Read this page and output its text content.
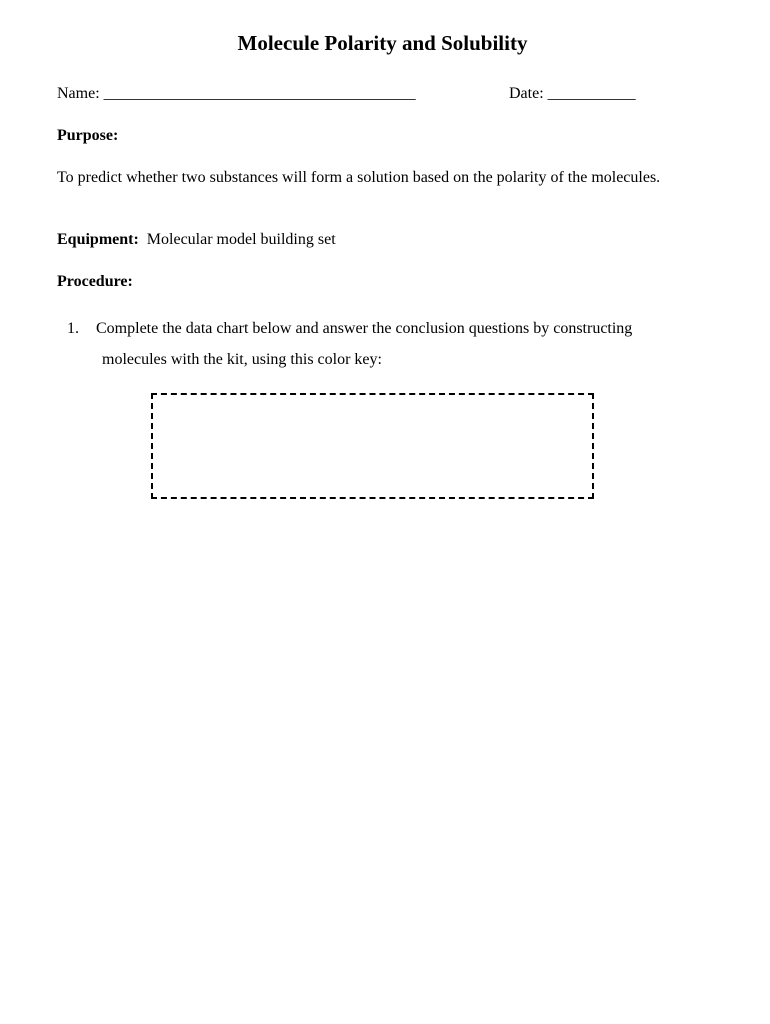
Molecule Polarity and Solubility
Name: _______________________________________	Date: ___________
Purpose:
To predict whether two substances will form a solution based on the polarity of the molecules.
Equipment: Molecular model building set
Procedure:
1.	Complete the data chart below and answer the conclusion questions by constructing
molecules with the kit, using this color key:
